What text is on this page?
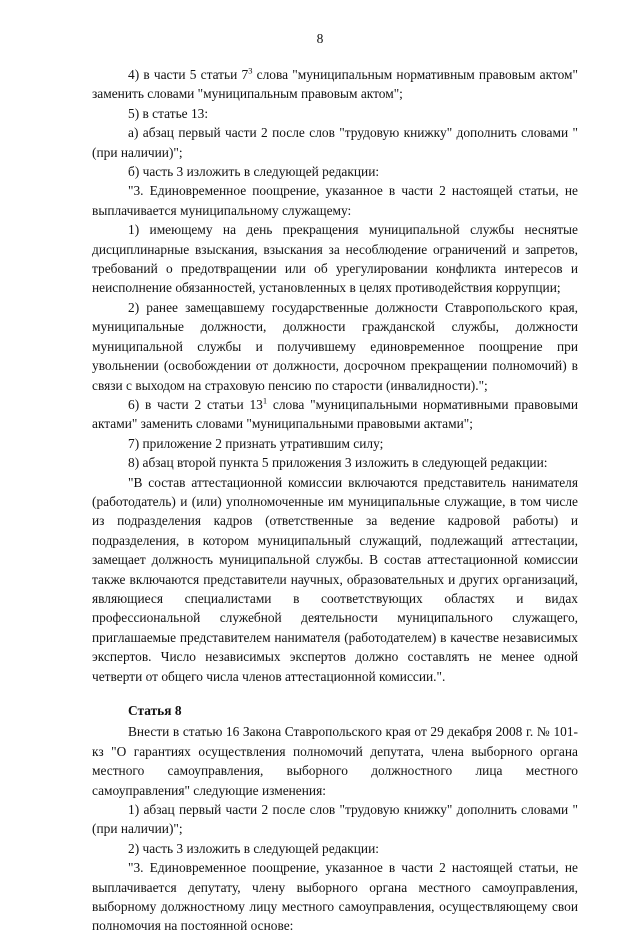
8

4) в части 5 статьи $7^3$ слова "муниципальным нормативным правовым актом" заменить словами "муниципальным правовым актом";

5) в статье 13:

а) абзац первый части 2 после слов "трудовую книжку" дополнить словами "(при наличии)";

б) часть 3 изложить в следующей редакции:

"3. Единовременное поощрение, указанное в части 2 настоящей статьи, не выплачивается муниципальному служащему:

1) имеющему на день прекращения муниципальной службы неснятые дисциплинарные взыскания, взыскания за несоблюдение ограничений и запретов, требований о предотвращении или об урегулировании конфликта интересов и неисполнение обязанностей, установленных в целях противодействия коррупции;

2) ранее замещавшему государственные должности Ставропольского края, муниципальные должности, должности гражданской службы, должности муниципальной службы и получившему единовременное поощрение при увольнении (освобождении от должности, досрочном прекращении полномочий) в связи с выходом на страховую пенсию по старости (инвалидности).";

6) в части 2 статьи $13^1$ слова "муниципальными нормативными правовыми актами" заменить словами "муниципальными правовыми актами";

7) приложение 2 признать утратившим силу;

8) абзац второй пункта 5 приложения 3 изложить в следующей редакции:

"В состав аттестационной комиссии включаются представитель нанимателя (работодатель) и (или) уполномоченные им муниципальные служащие, в том числе из подразделения кадров (ответственные за ведение кадровой работы) и подразделения, в котором муниципальный служащий, подлежащий аттестации, замещает должность муниципальной службы. В состав аттестационной комиссии также включаются представители научных, образовательных и других организаций, являющиеся специалистами в соответствующих областях и видах профессиональной служебной деятельности муниципального служащего, приглашаемые представителем нанимателя (работодателем) в качестве независимых экспертов. Число независимых экспертов должно составлять не менее одной четверти от общего числа членов аттестационной комиссии.".

Статья 8

Внести в статью 16 Закона Ставропольского края от 29 декабря 2008 г. № 101-кз "О гарантиях осуществления полномочий депутата, члена выборного органа местного самоуправления, выборного должностного лица местного самоуправления" следующие изменения:

1) абзац первый части 2 после слов "трудовую книжку" дополнить словами "(при наличии)";

2) часть 3 изложить в следующей редакции:

"3. Единовременное поощрение, указанное в части 2 настоящей статьи, не выплачивается депутату, члену выборного органа местного самоуправления, выборному должностному лицу местного самоуправления, осуществляющему свои полномочия на постоянной основе:
